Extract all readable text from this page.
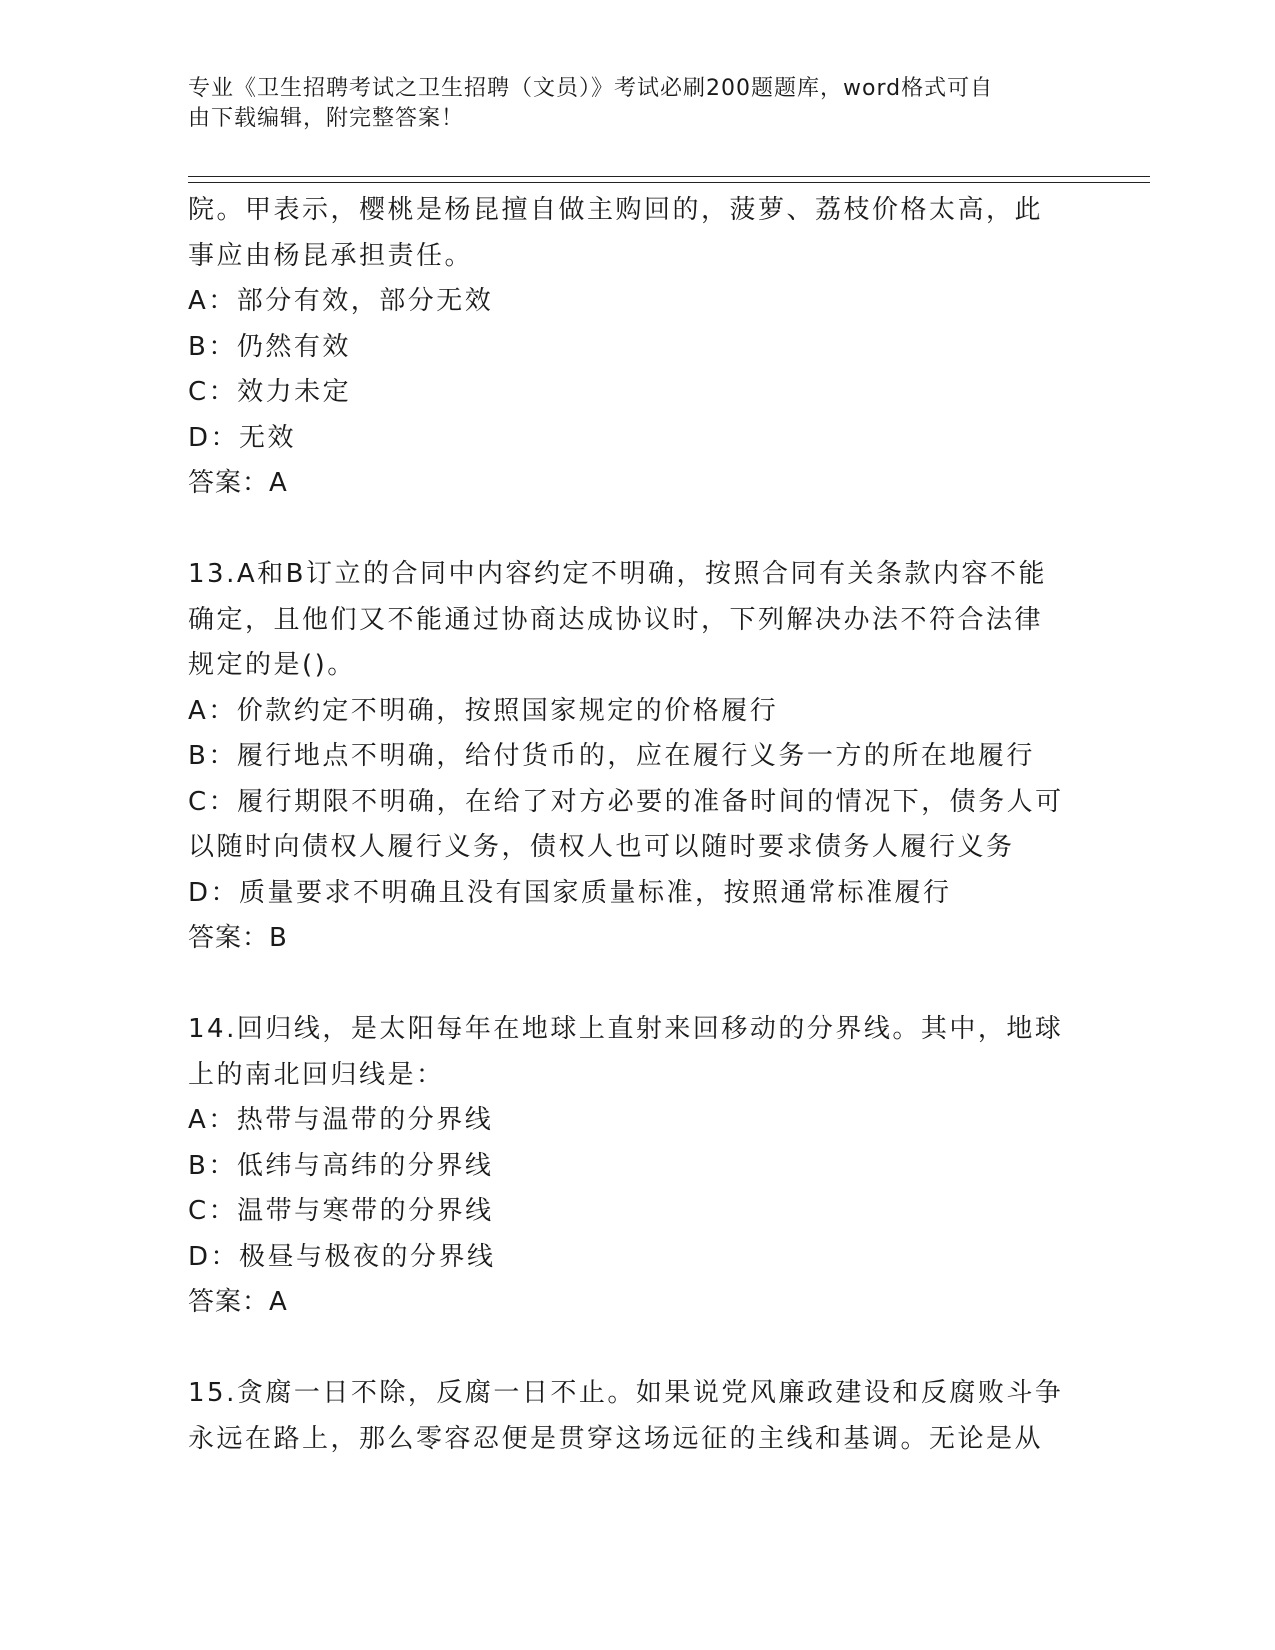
专业《卫生招聘考试之卫生招聘（文员）》考试必刷200题题库，word格式可自
由下载编辑，附完整答案！
院。甲表示，樱桃是杨昆擅自做主购回的，菠萝、荔枝价格太高，此
事应由杨昆承担责任。
A：部分有效，部分无效
B：仍然有效
C：效力未定
D：无效
答案：A
13.A和B订立的合同中内容约定不明确，按照合同有关条款内容不能
确定，且他们又不能通过协商达成协议时，下列解决办法不符合法律
规定的是()。
A：价款约定不明确，按照国家规定的价格履行
B：履行地点不明确，给付货币的，应在履行义务一方的所在地履行
C：履行期限不明确，在给了对方必要的准备时间的情况下，债务人可
以随时向债权人履行义务，债权人也可以随时要求债务人履行义务
D：质量要求不明确且没有国家质量标准，按照通常标准履行
答案：B
14.回归线，是太阳每年在地球上直射来回移动的分界线。其中，地球
上的南北回归线是：
A：热带与温带的分界线
B：低纬与高纬的分界线
C：温带与寒带的分界线
D：极昼与极夜的分界线
答案：A
15.贪腐一日不除，反腐一日不止。如果说党风廉政建设和反腐败斗争
永远在路上，那么零容忍便是贯穿这场远征的主线和基调。无论是从
